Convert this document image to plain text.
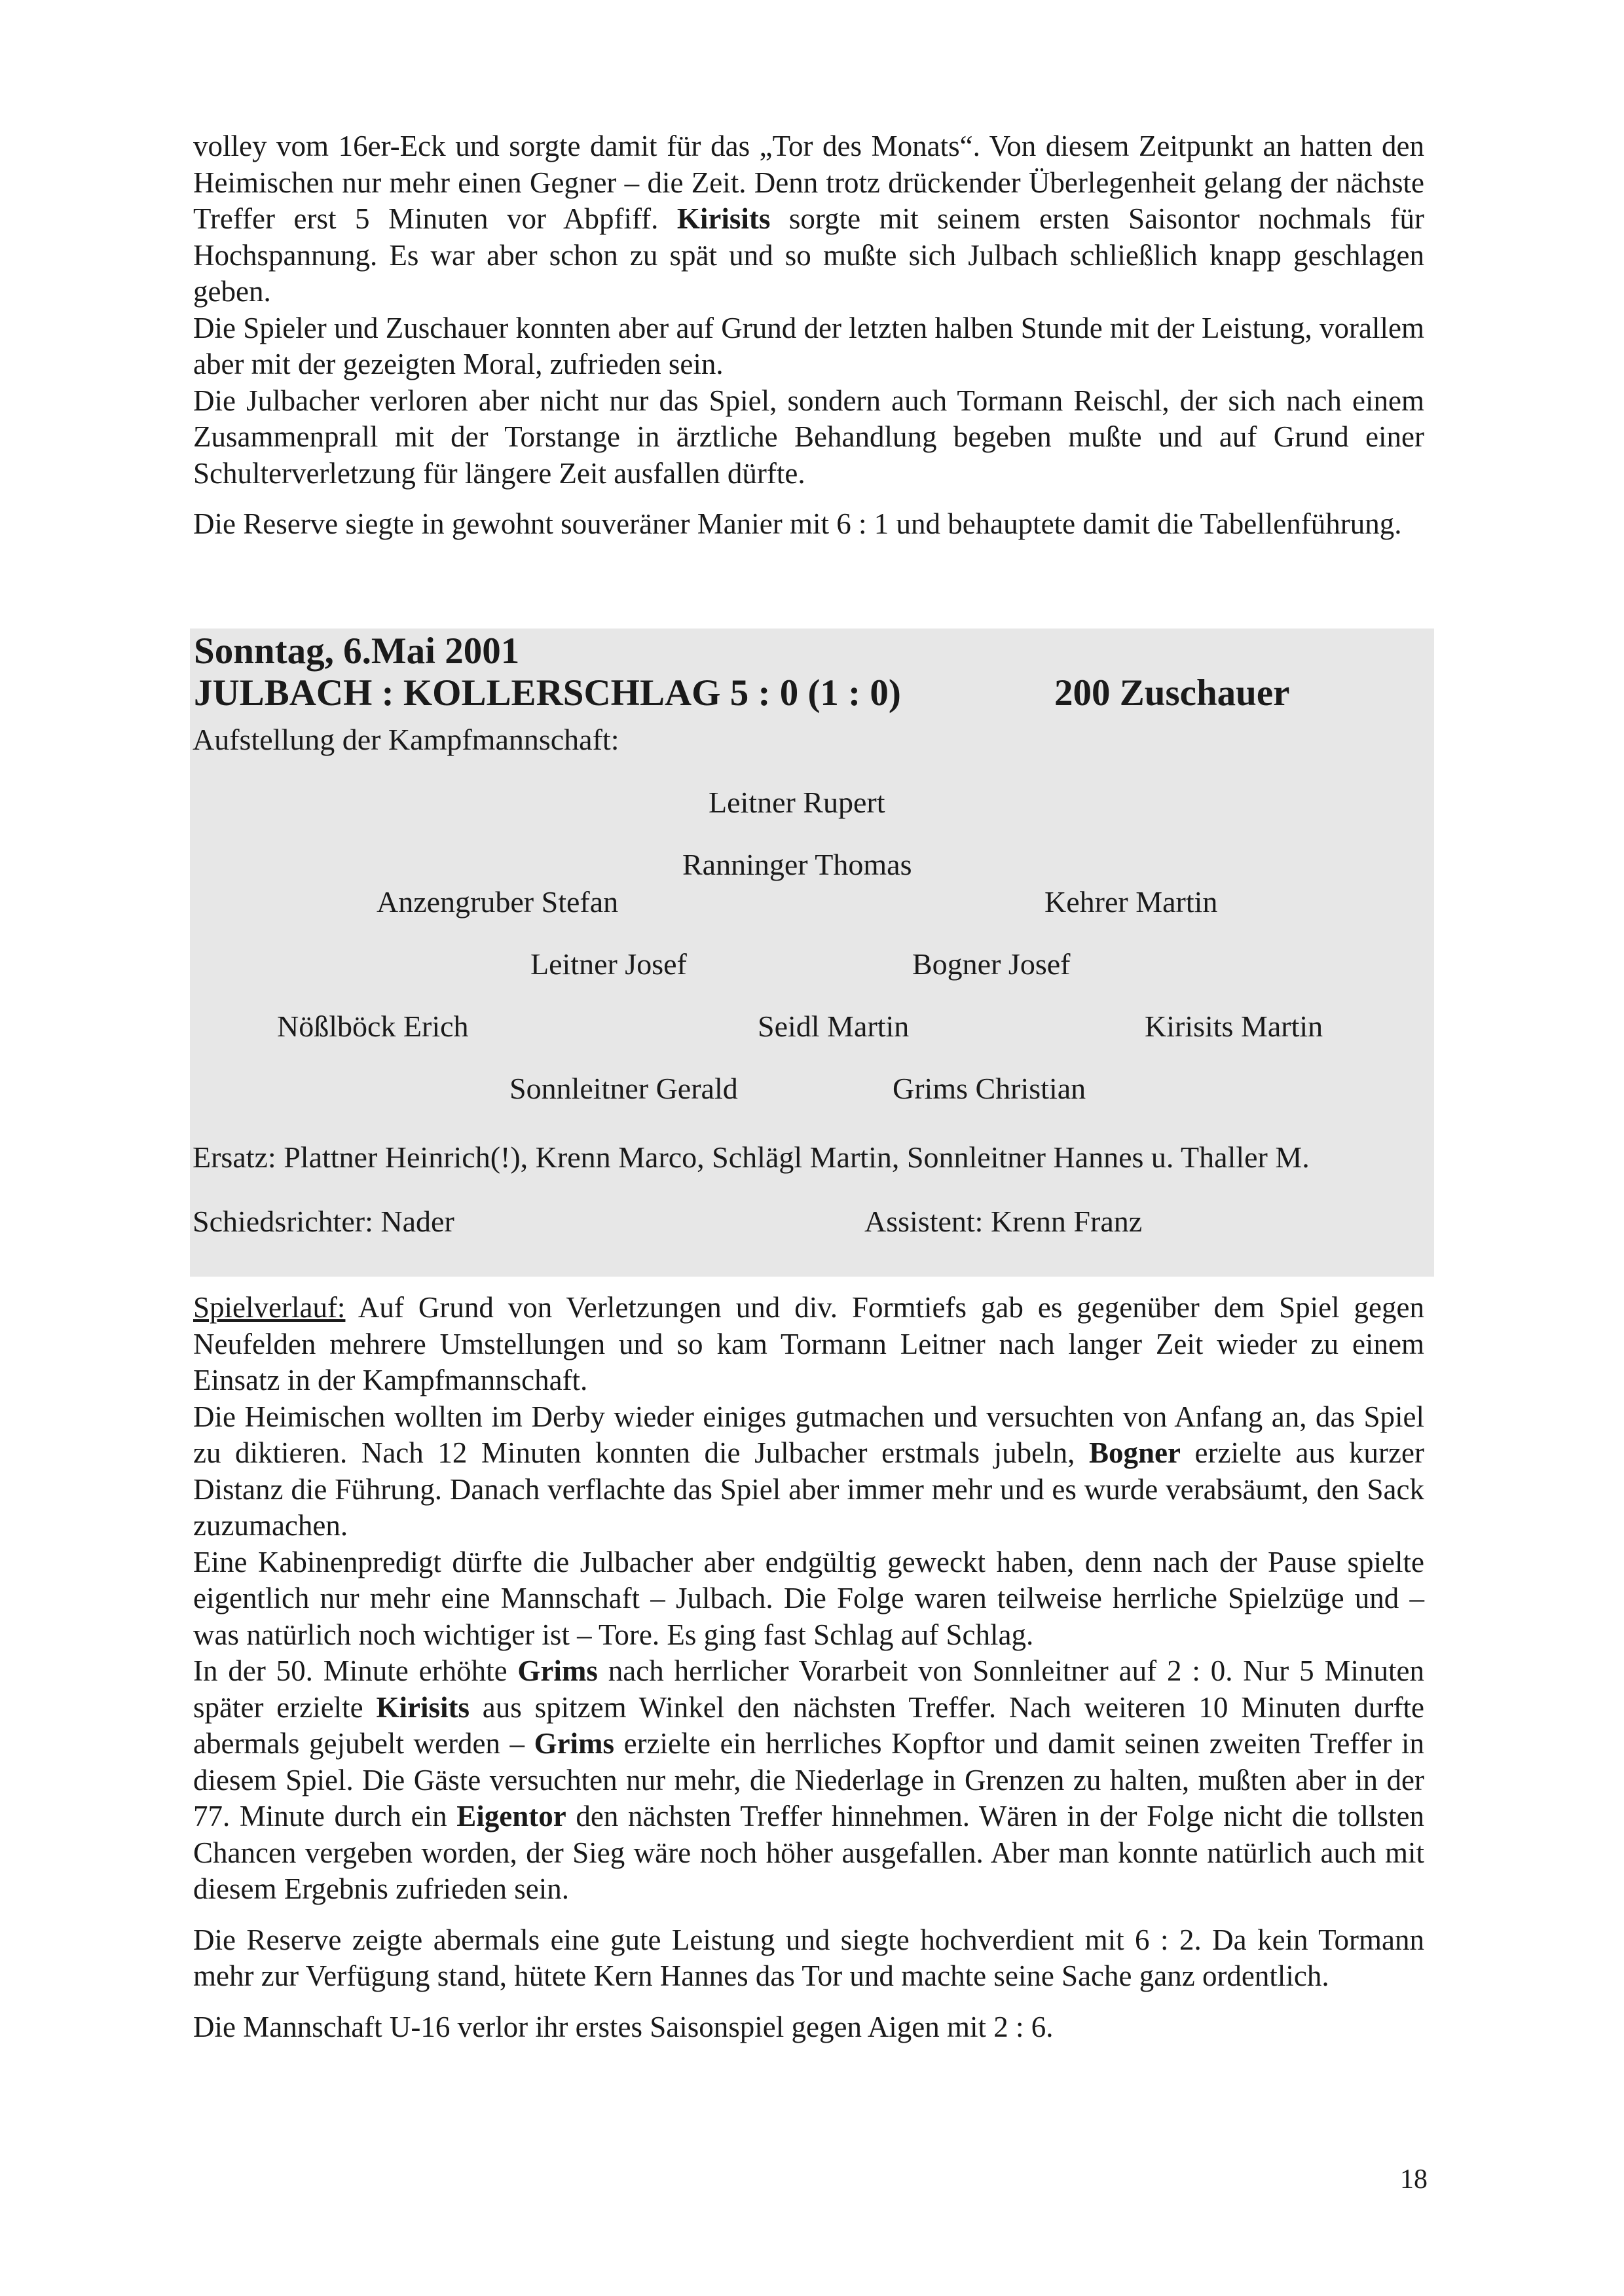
volley vom 16er-Eck und sorgte damit für das „Tor des Monats“. Von diesem Zeitpunkt an hatten den Heimischen nur mehr einen Gegner – die Zeit. Denn trotz drückender Überlegenheit gelang der nächste Treffer erst 5 Minuten vor Abpfiff. Kirisits sorgte mit seinem ersten Saisontor nochmals für Hochspannung. Es war aber schon zu spät und so mußte sich Julbach schließlich knapp geschlagen geben.

Die Spieler und Zuschauer konnten aber auf Grund der letzten halben Stunde mit der Leistung, vorallem aber mit der gezeigten Moral, zufrieden sein.

Die Julbacher verloren aber nicht nur das Spiel, sondern auch Tormann Reischl, der sich nach einem Zusammenprall mit der Torstange in ärztliche Behandlung begeben mußte und auf Grund einer Schulterverletzung für längere Zeit ausfallen dürfte.

Die Reserve siegte in gewohnt souveräner Manier mit 6 : 1 und behauptete damit die Tabellenführung.

Sonntag, 6.Mai 2001
JULBACH : KOLLERSCHLAG 5 : 0 (1 : 0)	200 Zuschauer
Aufstellung der Kampfmannschaft:
Leitner Rupert
Ranninger Thomas
Anzengruber Stefan	Kehrer Martin
Leitner Josef	Bogner Josef
Nößlböck Erich	Seidl Martin	Kirisits Martin
Sonnleitner Gerald	Grims Christian
Ersatz: Plattner Heinrich(!), Krenn Marco, Schlägl Martin, Sonnleitner Hannes u. Thaller M.
Schiedsrichter: Nader	Assistent: Krenn Franz

Spielverlauf: Auf Grund von Verletzungen und div. Formtiefs gab es gegenüber dem Spiel gegen Neufelden mehrere Umstellungen und so kam Tormann Leitner nach langer Zeit wieder zu einem Einsatz in der Kampfmannschaft.

Die Heimischen wollten im Derby wieder einiges gutmachen und versuchten von Anfang an, das Spiel zu diktieren. Nach 12 Minuten konnten die Julbacher erstmals jubeln, Bogner erzielte aus kurzer Distanz die Führung. Danach verflachte das Spiel aber immer mehr und es wurde verabsäumt, den Sack zuzumachen.

Eine Kabinenpredigt dürfte die Julbacher aber endgültig geweckt haben, denn nach der Pause spielte eigentlich nur mehr eine Mannschaft – Julbach. Die Folge waren teilweise herrliche Spielzüge und – was natürlich noch wichtiger ist – Tore. Es ging fast Schlag auf Schlag.

In der 50. Minute erhöhte Grims nach herrlicher Vorarbeit von Sonnleitner auf 2 : 0. Nur 5 Minuten später erzielte Kirisits aus spitzem Winkel den nächsten Treffer. Nach weiteren 10 Minuten durfte abermals gejubelt werden – Grims erzielte ein herrliches Kopftor und damit seinen zweiten Treffer in diesem Spiel. Die Gäste versuchten nur mehr, die Niederlage in Grenzen zu halten, mußten aber in der 77. Minute durch ein Eigentor den nächsten Treffer hinnehmen. Wären in der Folge nicht die tollsten Chancen vergeben worden, der Sieg wäre noch höher ausgefallen. Aber man konnte natürlich auch mit diesem Ergebnis zufrieden sein.

Die Reserve zeigte abermals eine gute Leistung und siegte hochverdient mit 6 : 2. Da kein Tormann mehr zur Verfügung stand, hütete Kern Hannes das Tor und machte seine Sache ganz ordentlich.

Die Mannschaft U-16 verlor ihr erstes Saisonspiel gegen Aigen mit 2 : 6.

18
